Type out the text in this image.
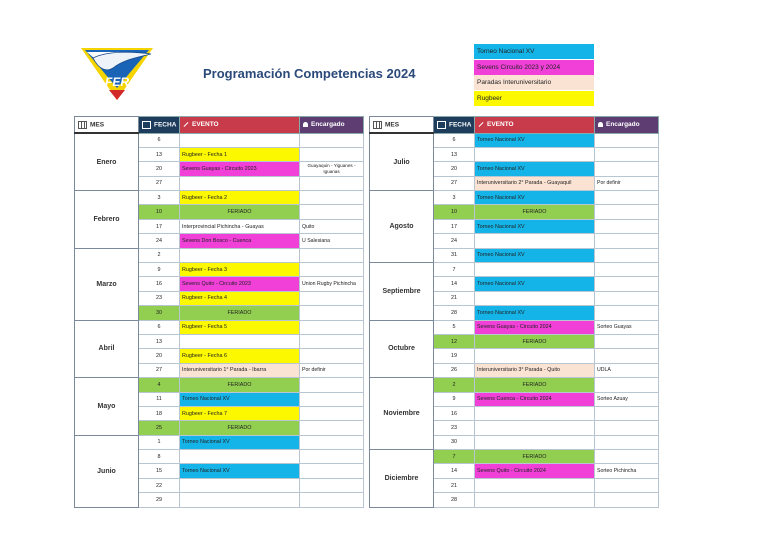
FER
Programación Competencias 2024
Torneo Nacional XV
Sevens Circuito 2023 y 2024
Paradas Interuniversitario
Rugbeer
MES	FECHA	EVENTO	Encargado
Enero	6		
	13	Rugbeer - Fecha 1	
	20	Sevens Guayas - Circuito 2023	Guayaquin - Yiguanes - Iguanas
	27		
Febrero	3	Rugbeer - Fecha 2	
	10	FERIADO	
	17	Interprovincial Pichincha - Guayas	Quito
	24	Sevens Don Bosco - Cuenca	U Salesiana
Marzo	2		
	9	Rugbeer - Fecha 3	
	16	Sevens Quito - Circuito 2023	Union Rugby Pichincha
	23	Rugbeer - Fecha 4	
	30	FERIADO	
Abril	6	Rugbeer - Fecha 5	
	13		
	20	Rugbeer - Fecha 6	
	27	Interuniversitario 1° Parada - Ibarra	Por definir
Mayo	4	FERIADO	
	11	Torneo Nacional XV	
	18	Rugbeer - Fecha 7	
	25	FERIADO	
Junio	1	Torneo Nacional XV	
	8		
	15	Torneo Nacional XV	
	22		
	29		
MES	FECHA	EVENTO	Encargado
Julio	6	Torneo Nacional XV	
	13		
	20	Torneo Nacional XV	
	27	Interuniversitario 2° Parada - Guayaquil	Por definir
Agosto	3	Torneo Nacional XV	
	10	FERIADO	
	17	Torneo Nacional XV	
	24		
	31	Torneo Nacional XV	
Septiembre	7		
	14	Torneo Nacional XV	
	21		
	28	Torneo Nacional XV	
Octubre	5	Sevens Guayas - Circuito 2024	Sorteo Guayas
	12	FERIADO	
	19		
	26	Interuniversitario 3° Parada - Quito	UDLA
Noviembre	2	FERIADO	
	9	Sevens Cuenca - Circuito 2024	Sorteo Azuay
	16		
	23		
	30		
Diciembre	7	FERIADO	
	14	Sevens Quito - Circuito 2024	Sorteo Pichincha
	21		
	28		
